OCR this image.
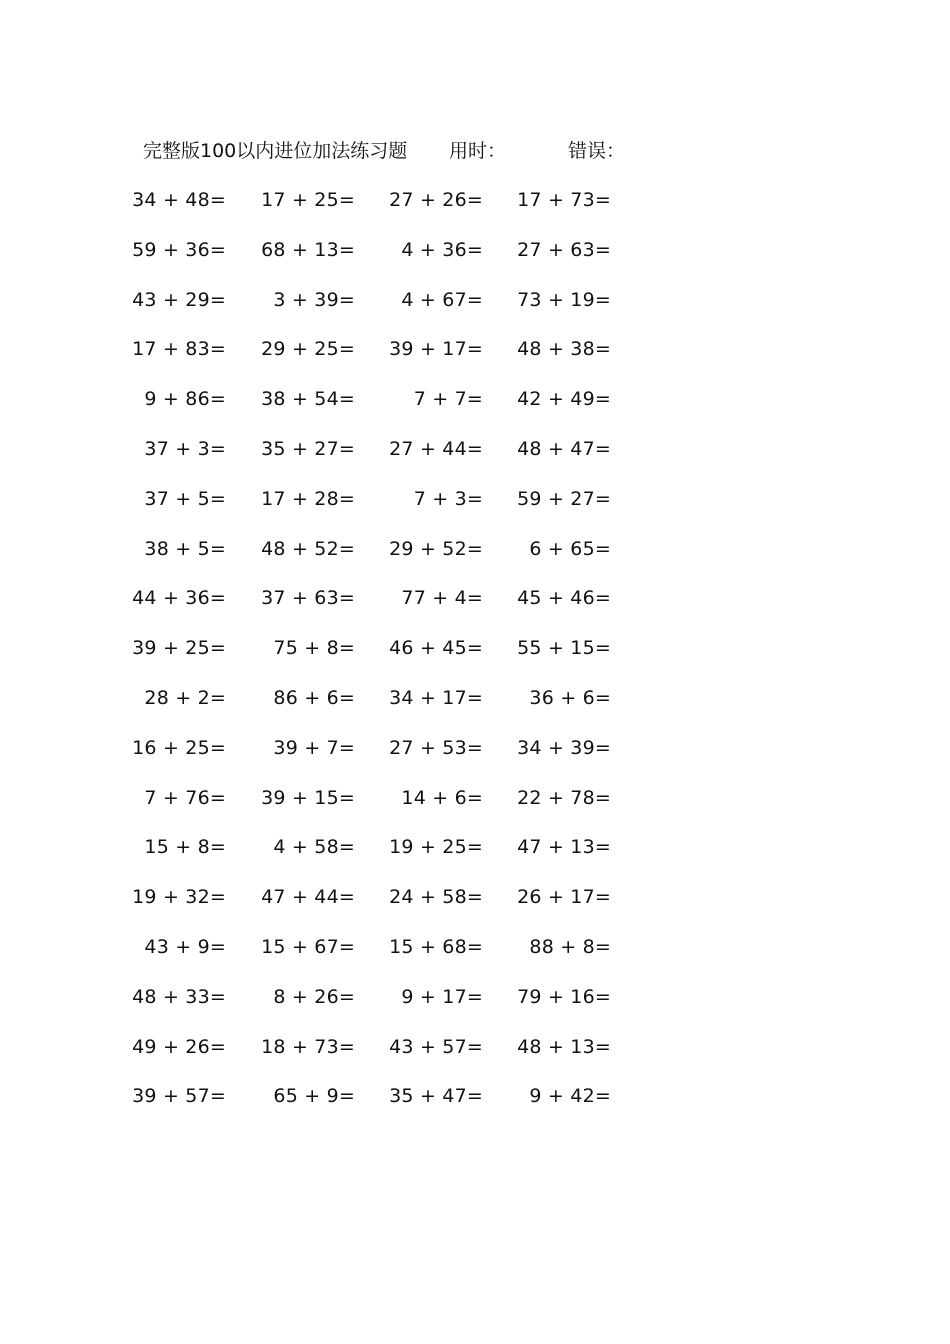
完整版100以内进位加法练习题 用时：	错误：
34 + 48= 17 + 25= 27 + 26= 17 + 73=
59 + 36= 68 + 13= 4 + 36= 27 + 63=
43 + 29= 3 + 39= 4 + 67= 73 + 19=
17 + 83= 29 + 25= 39 + 17= 48 + 38=
9 + 86= 38 + 54=	7 + 7= 42 + 49=
37 + 3= 35 + 27= 27 + 44= 48 + 47=
37 + 5= 17 + 28=	7 + 3= 59 + 27=
38 + 5= 48 + 52= 29 + 52= 6 + 65=
44 + 36= 37 + 63= 77 + 4= 45 + 46=
39 + 25= 75 + 8= 46 + 45= 55 + 15=
28 + 2= 86 + 6= 34 + 17= 36 + 6=
16 + 25= 39 + 7= 27 + 53= 34 + 39=
7 + 76= 39 + 15= 14 + 6= 22 + 78=
15 + 8= 4 + 58= 19 + 25= 47 + 13=
19 + 32= 47 + 44= 24 + 58= 26 + 17=
43 + 9= 15 + 67= 15 + 68= 88 + 8=
48 + 33= 8 + 26= 9 + 17= 79 + 16=
49 + 26= 18 + 73= 43 + 57= 48 + 13=
39 + 57= 65 + 9= 35 + 47= 9 + 42=
